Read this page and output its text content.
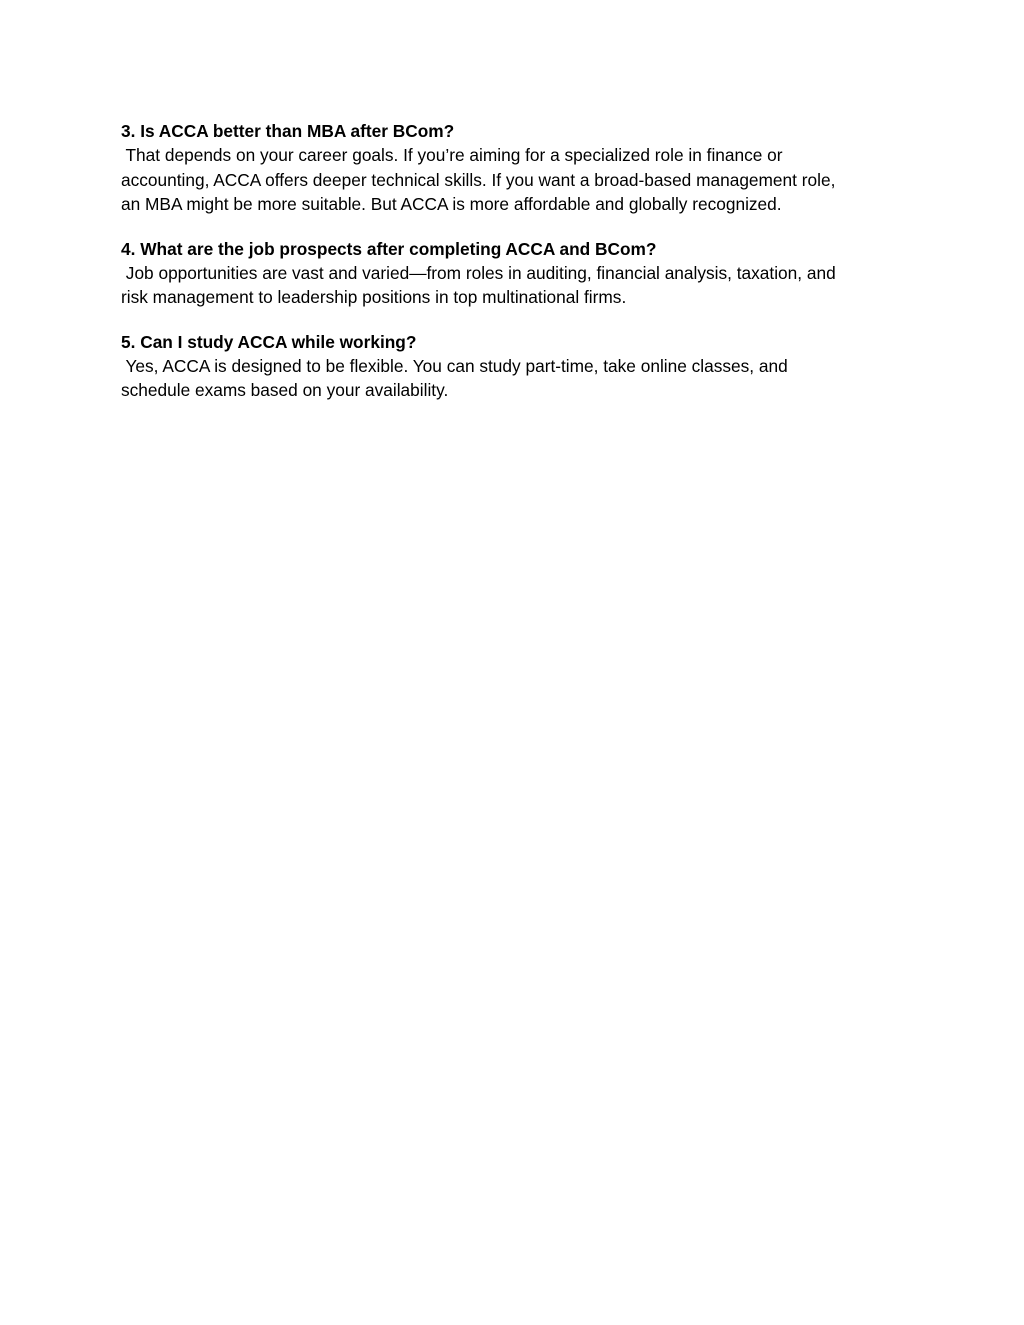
3. Is ACCA better than MBA after BCom?

That depends on your career goals. If you’re aiming for a specialized role in finance or
accounting, ACCA offers deeper technical skills. If you want a broad-based management role,
an MBA might be more suitable. But ACCA is more affordable and globally recognized.

4. What are the job prospects after completing ACCA and BCom?

Job opportunities are vast and varied—from roles in auditing, financial analysis, taxation, and
risk management to leadership positions in top multinational firms.

5. Can I study ACCA while working?

Yes, ACCA is designed to be flexible. You can study part-time, take online classes, and
schedule exams based on your availability.
